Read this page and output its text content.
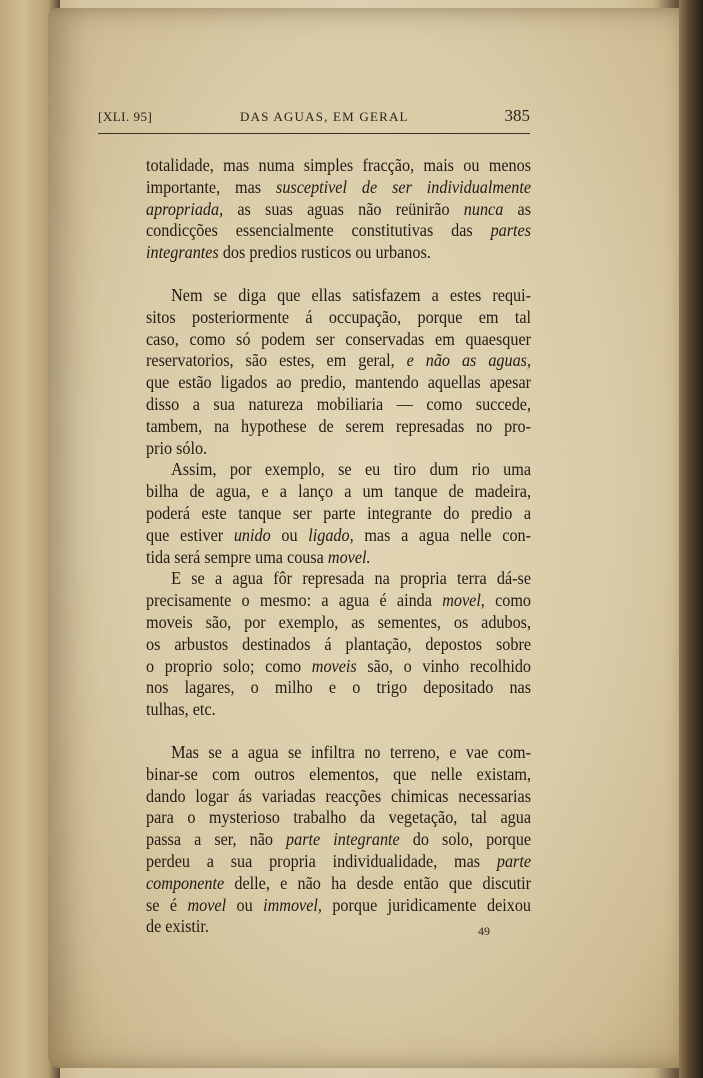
[XLI. 95]	DAS AGUAS, EM GERAL	385

totalidade, mas numa simples fracção, mais ou menos
importante, mas susceptivel de ser individualmente
apropriada, as suas aguas não reünirão nunca as
condicções essencialmente constitutivas das partes
integrantes dos predios rusticos ou urbanos.

Nem se diga que ellas satisfazem a estes requi-
sitos posteriormente á occupação, porque em tal
caso, como só podem ser conservadas em quaesquer
reservatorios, são estes, em geral, e não as aguas,
que estão ligados ao predio, mantendo aquellas apesar
disso a sua natureza mobiliaria — como succede,
tambem, na hypothese de serem represadas no pro-
prio sólo.

Assim, por exemplo, se eu tiro dum rio uma
bilha de agua, e a lanço a um tanque de madeira,
poderá este tanque ser parte integrante do predio a
que estiver unido ou ligado, mas a agua nelle con-
tida será sempre uma cousa movel.

E se a agua fôr represada na propria terra dá-se
precisamente o mesmo: a agua é ainda movel, como
moveis são, por exemplo, as sementes, os adubos,
os arbustos destinados á plantação, depostos sobre
o proprio solo; como moveis são, o vinho recolhido
nos lagares, o milho e o trigo depositado nas
tulhas, etc.

Mas se a agua se infiltra no terreno, e vae com-
binar-se com outros elementos, que nelle existam,
dando logar ás variadas reacções chimicas necessarias
para o mysterioso trabalho da vegetação, tal agua
passa a ser, não parte integrante do solo, porque
perdeu a sua propria individualidade, mas parte
componente delle, e não ha desde então que discutir
se é movel ou immovel, porque juridicamente deixou
de existir.	49
